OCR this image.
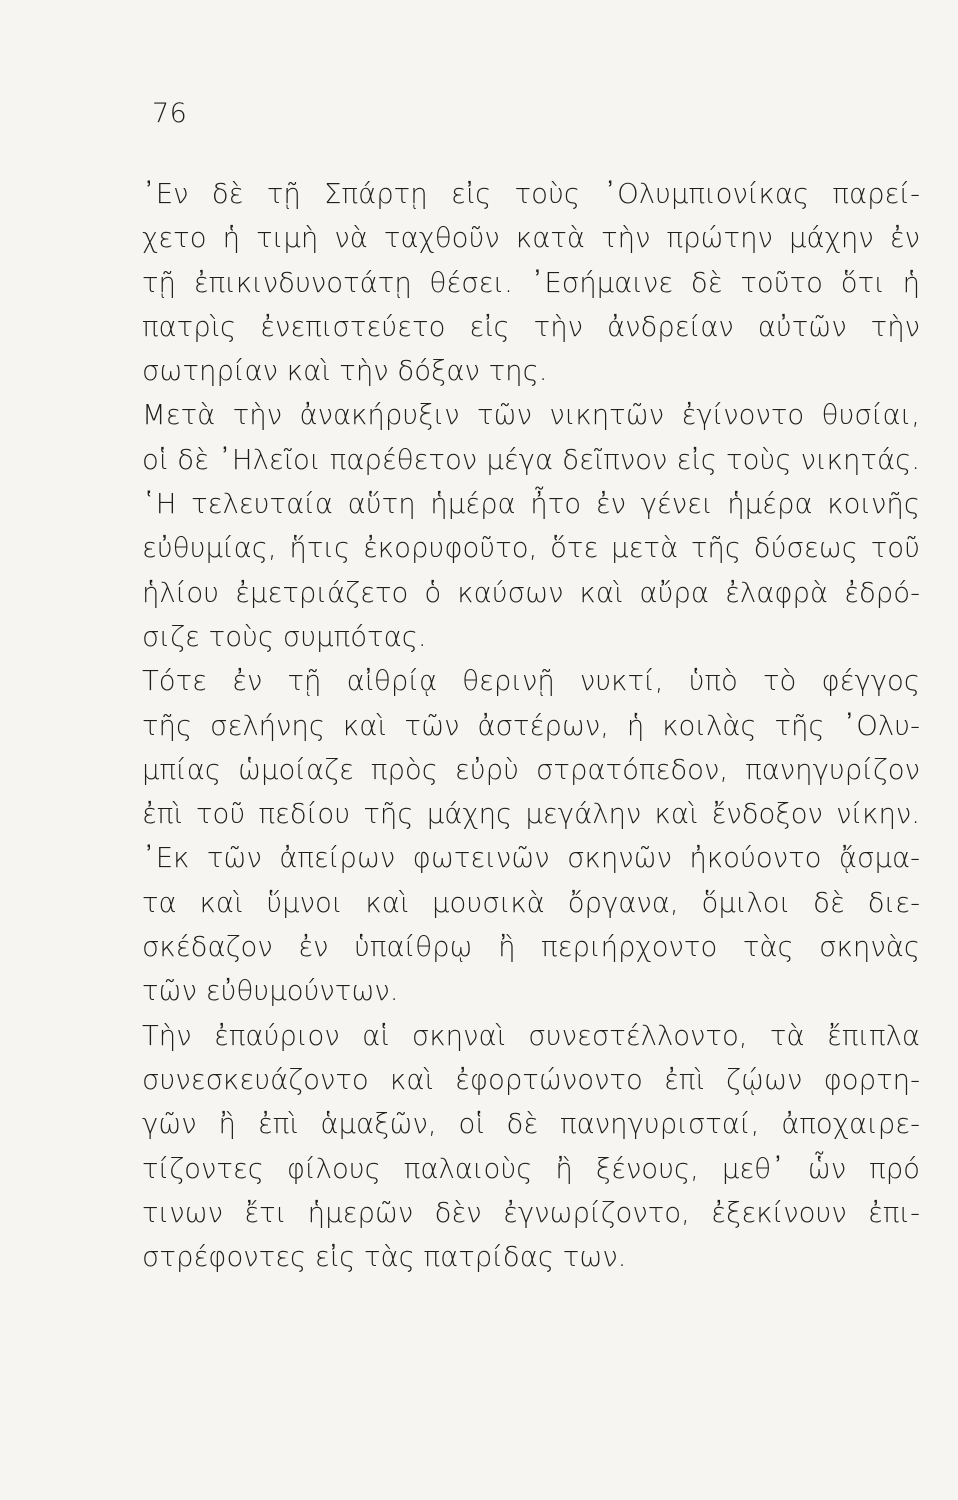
76
᾿Εν δὲ τῇ Σπάρτῃ εἰς τοὺς ᾿Ολυμπιονίκας παρεί-
χετο ἡ τιμὴ νὰ ταχθοῦν κατὰ τὴν πρώτην μάχην ἐν
τῇ ἐπικινδυνοτάτῃ θέσει. ᾿Εσήμαινε δὲ τοῦτο ὅτι ἡ
πατρὶς ἐνεπιστεύετο εἰς τὴν ἀνδρείαν αὐτῶν τὴν
σωτηρίαν καὶ τὴν δόξαν της.
Μετὰ τὴν ἀνακήρυξιν τῶν νικητῶν ἐγίνοντο θυσίαι,
οἱ δὲ ᾿Ηλεῖοι παρέθετον μέγα δεῖπνον εἰς τοὺς νικητάς.
῾Η τελευταία αὕτη ἡμέρα ἦτο ἐν γένει ἡμέρα κοινῆς
εὐθυμίας, ἥτις ἐκορυφοῦτο, ὅτε μετὰ τῆς δύσεως τοῦ
ἡλίου ἐμετριάζετο ὁ καύσων καὶ αὔρα ἐλαφρὰ ἐδρό-
σιζε τοὺς συμπότας.
Τότε ἐν τῇ αἰθρίᾳ θερινῇ νυκτί, ὑπὸ τὸ φέγγος
τῆς σελήνης καὶ τῶν ἀστέρων, ἡ κοιλὰς τῆς ᾿Ολυ-
μπίας ὡμοίαζε πρὸς εὐρὺ στρατόπεδον, πανηγυρίζον
ἐπὶ τοῦ πεδίου τῆς μάχης μεγάλην καὶ ἔνδοξον νίκην.
᾿Εκ τῶν ἀπείρων φωτεινῶν σκηνῶν ἠκούοντο ᾄσμα-
τα καὶ ὕμνοι καὶ μουσικὰ ὄργανα, ὅμιλοι δὲ διε-
σκέδαζον ἐν ὑπαίθρῳ ἢ περιήρχοντο τὰς σκηνὰς
τῶν εὐθυμούντων.
Τὴν ἐπαύριον αἱ σκηναὶ συνεστέλλοντο, τὰ ἔπιπλα
συνεσκευάζοντο καὶ ἐφορτώνοντο ἐπὶ ζῴων φορτη-
γῶν ἢ ἐπὶ ἁμαξῶν, οἱ δὲ πανηγυρισταί, ἀποχαιρε-
τίζοντες φίλους παλαιοὺς ἢ ξένους, μεθ᾿ ὧν πρό
τινων ἔτι ἡμερῶν δὲν ἐγνωρίζοντο, ἐξεκίνουν ἐπι-
στρέφοντες εἰς τὰς πατρίδας των.
